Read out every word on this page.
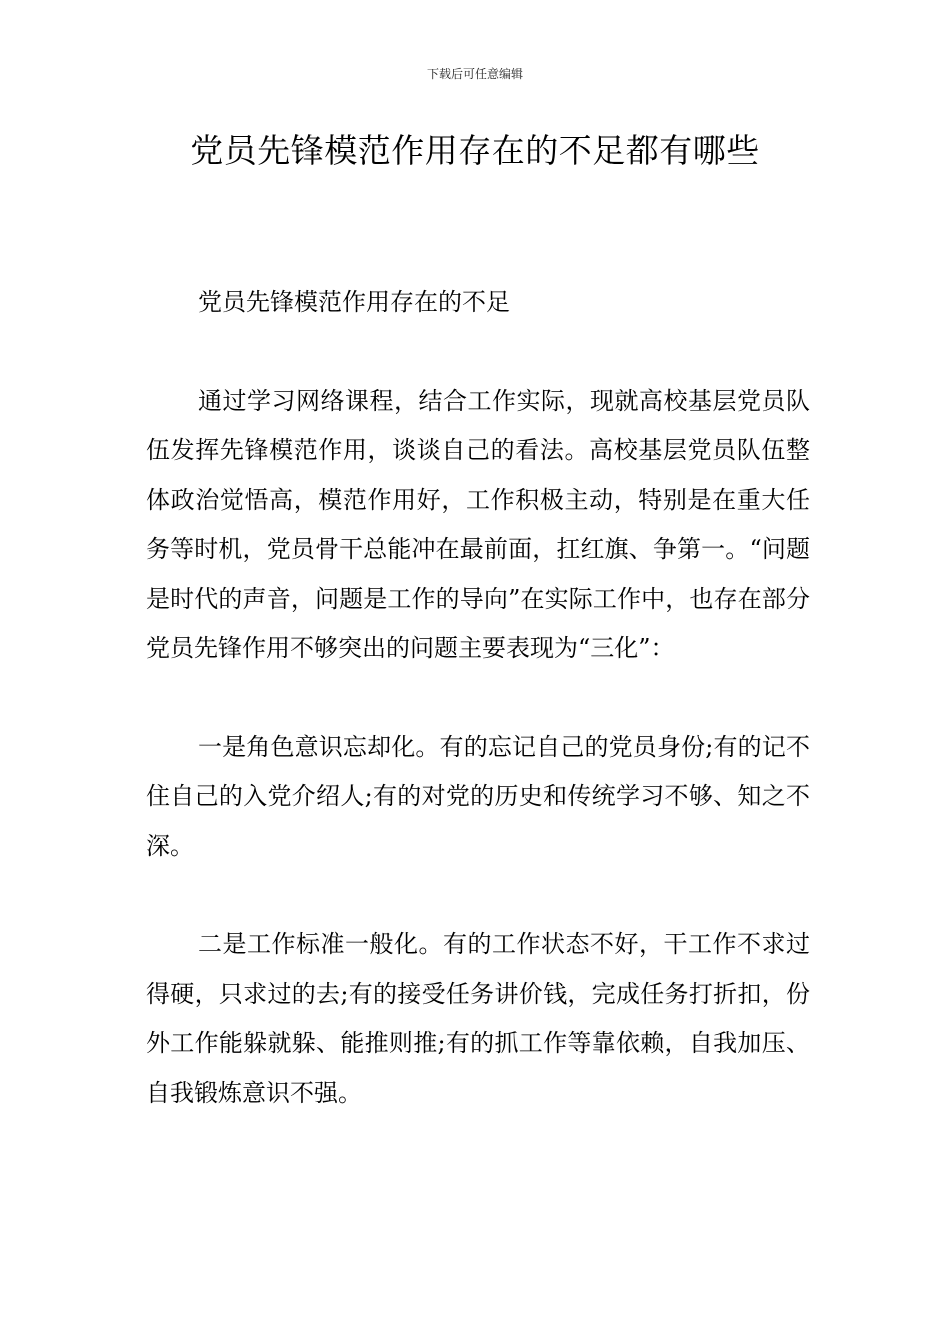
下载后可任意编辑
党员先锋模范作用存在的不足都有哪些

党员先锋模范作用存在的不足

通过学习网络课程，结合工作实际，现就高校基层党员队伍发挥先锋模范作用，谈谈自己的看法。高校基层党员队伍整体政治觉悟高，模范作用好，工作积极主动，特别是在重大任务等时机，党员骨干总能冲在最前面，扛红旗、争第一。“问题是时代的声音，问题是工作的导向”在实际工作中，也存在部分党员先锋作用不够突出的问题主要表现为“三化”：

一是角色意识忘却化。有的忘记自己的党员身份;有的记不住自己的入党介绍人;有的对党的历史和传统学习不够、知之不深。

二是工作标准一般化。有的工作状态不好，干工作不求过得硬，只求过的去;有的接受任务讲价钱，完成任务打折扣，份外工作能躲就躲、能推则推;有的抓工作等靠依赖，自我加压、自我锻炼意识不强。
